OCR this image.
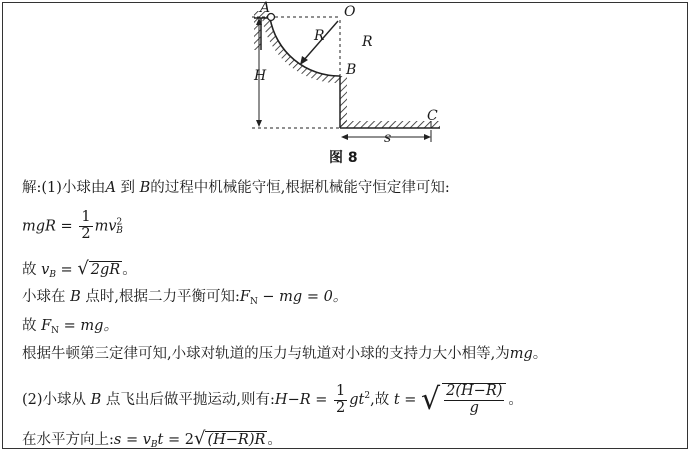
A	O
R	R
B
H
C
s
图 8
解:(1)小球由A 到 B的过程中机械能守恒,根据机械能守恒定律可知:
mgR = $\frac{1}{2} mv^2_B$
故 $v_B$ = √ 2gR 。
小球在 B 点时,根据二力平衡可知$:F_N$ − mg = 0。
故 $F_N$ = mg。
根据牛顿第三定律可知,小球对轨道的压力与轨道对小球的支持力大小相等,为mg。
(2)小球从 B 点飞出后做平抛运动,则有:H−R = $\frac{1}{2} gt^2$,故 t = √ $\frac{2(H-R)}{g}$ 。
在水平方向上:s = $v_Bt = 2√$ (H−R)R 。
